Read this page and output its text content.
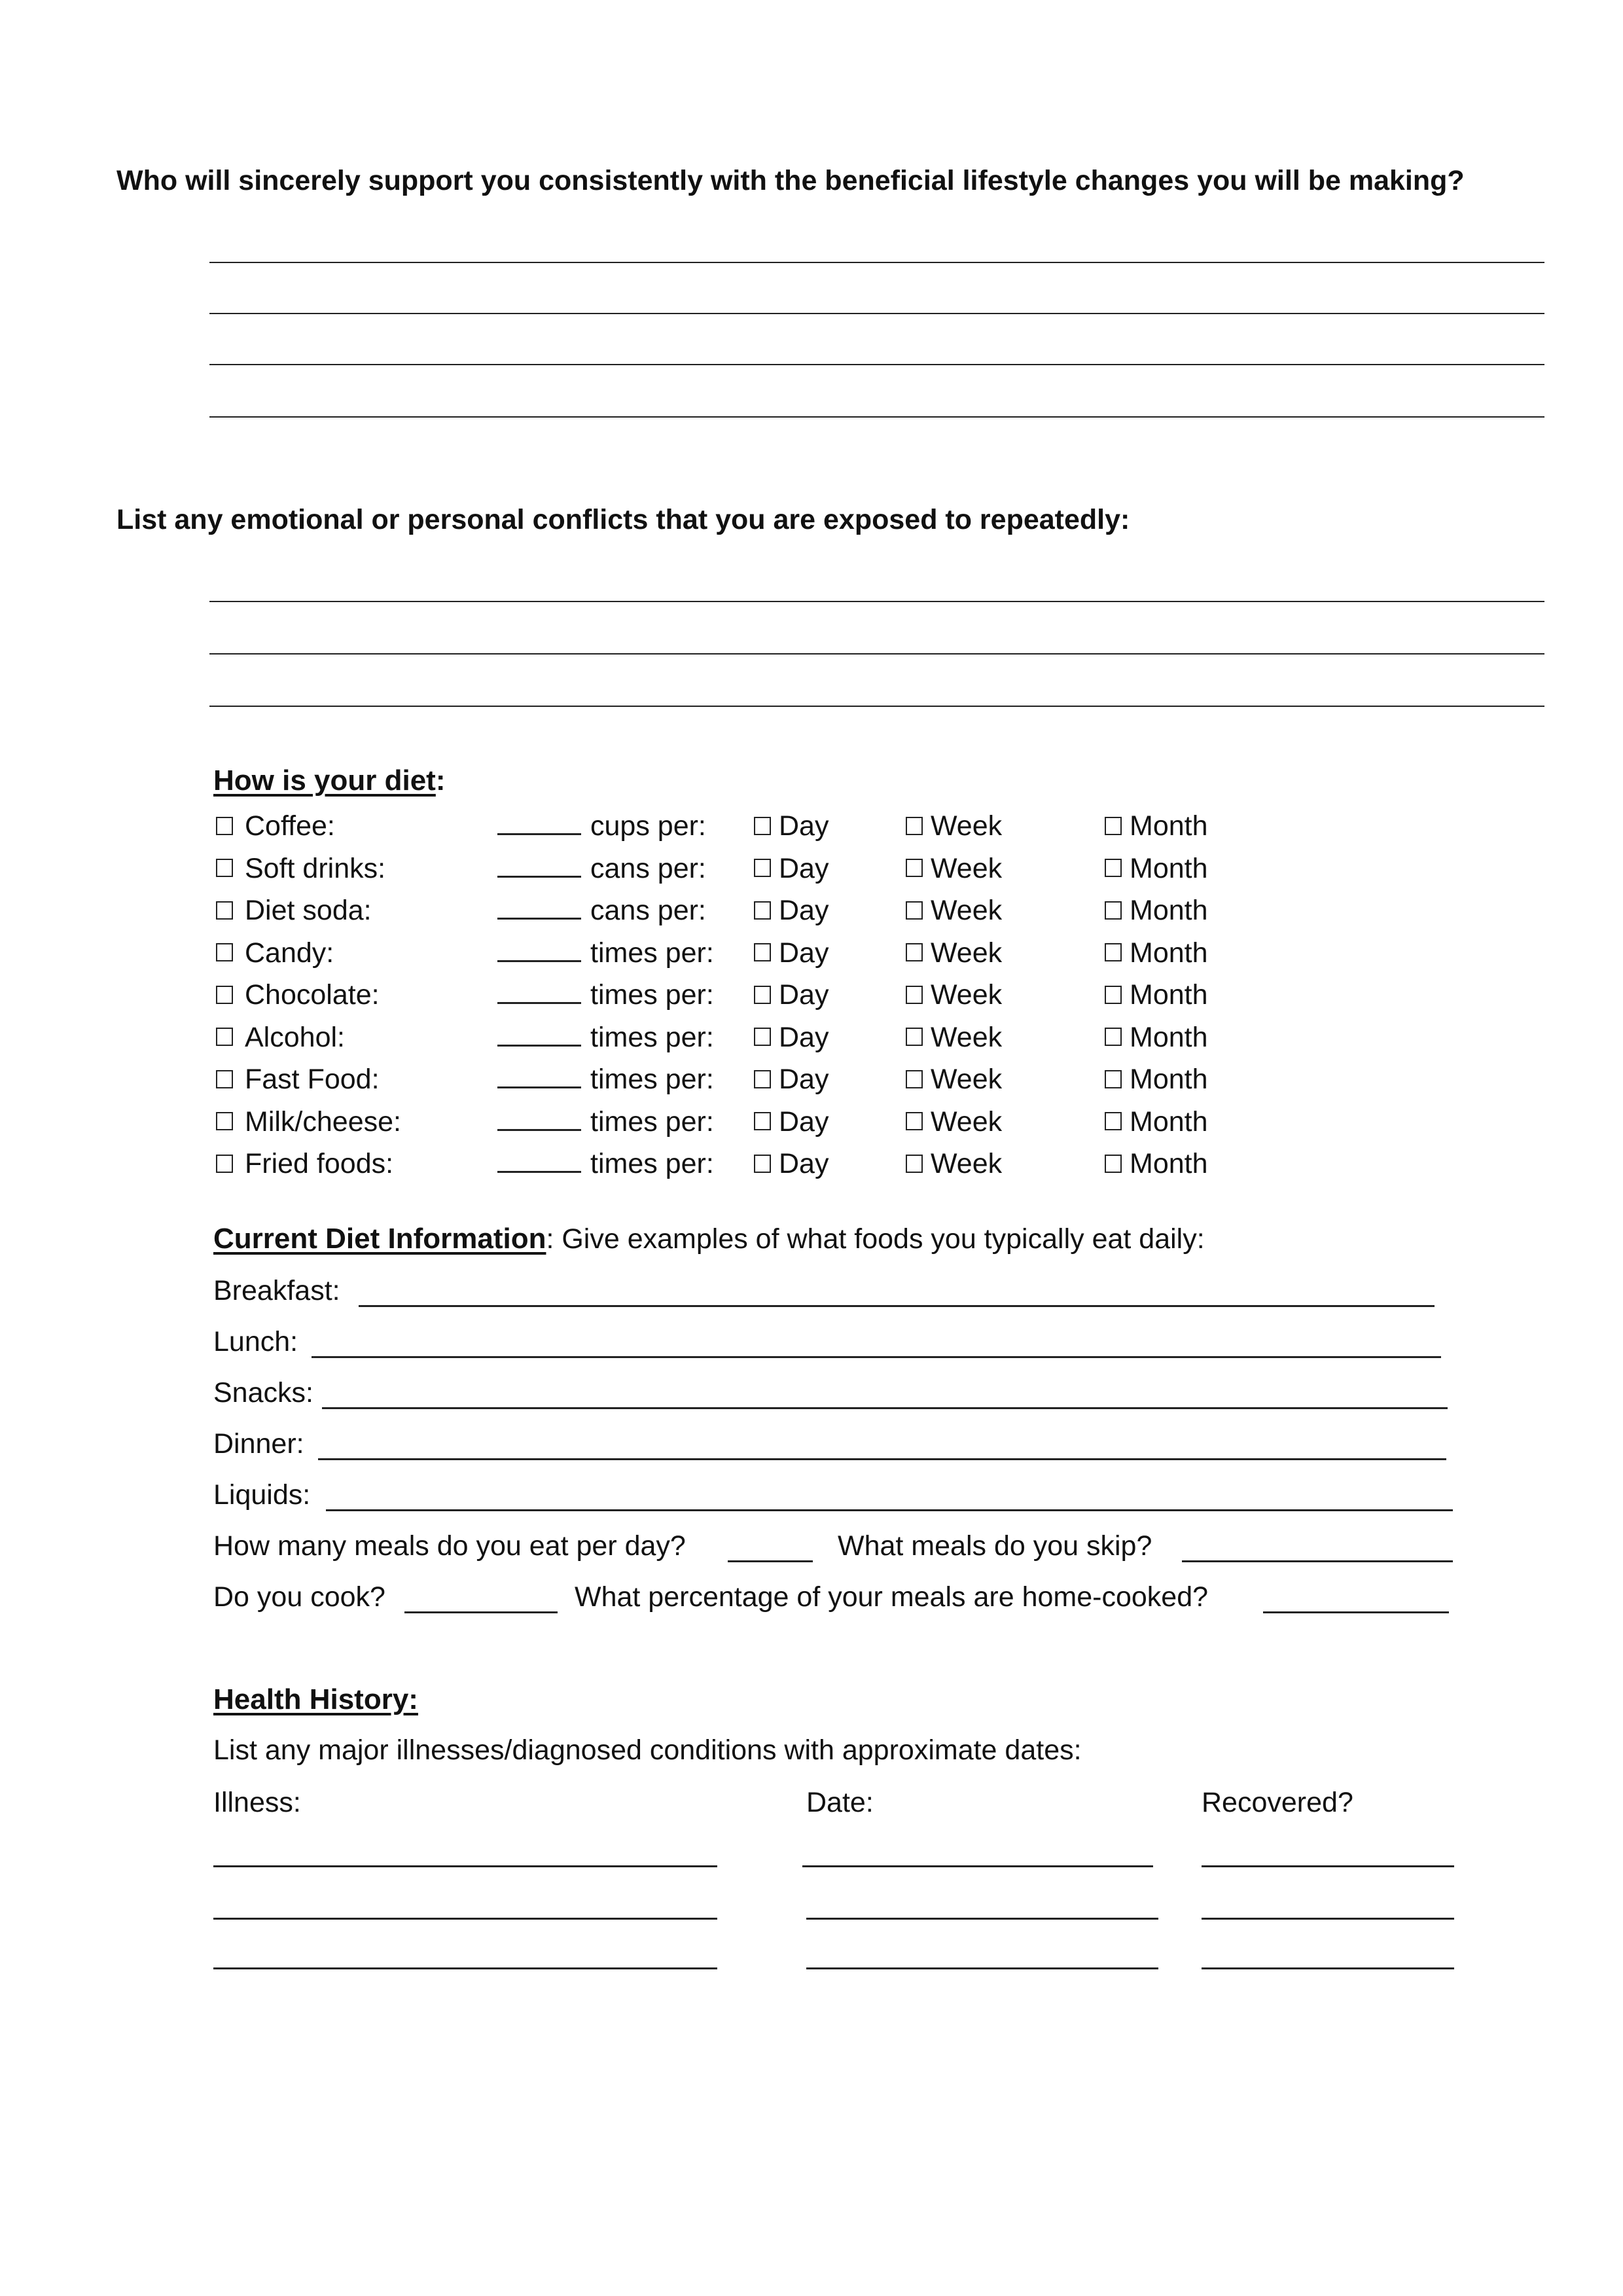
Who will sincerely support you consistently with the beneficial lifestyle changes you will be making?
List any emotional or personal conflicts that you are exposed to repeatedly:
How is your diet:
Coffee:	cups per:	Day	Week	Month
Soft drinks:	cans per:	Day	Week	Month
Diet soda:	cans per:	Day	Week	Month
Candy:	times per:	Day	Week	Month
Chocolate:	times per:	Day	Week	Month
Alcohol:	times per:	Day	Week	Month
Fast Food:	times per:	Day	Week	Month
Milk/cheese:	times per:	Day	Week	Month
Fried foods:	times per:	Day	Week	Month
Current Diet Information: Give examples of what foods you typically eat daily:
Breakfast:
Lunch:
Snacks:
Dinner:
Liquids:
How many meals do you eat per day?	What meals do you skip?
Do you cook?	What percentage of your meals are home-cooked?
Health History:
List any major illnesses/diagnosed conditions with approximate dates:
Illness:	Date:	Recovered?
